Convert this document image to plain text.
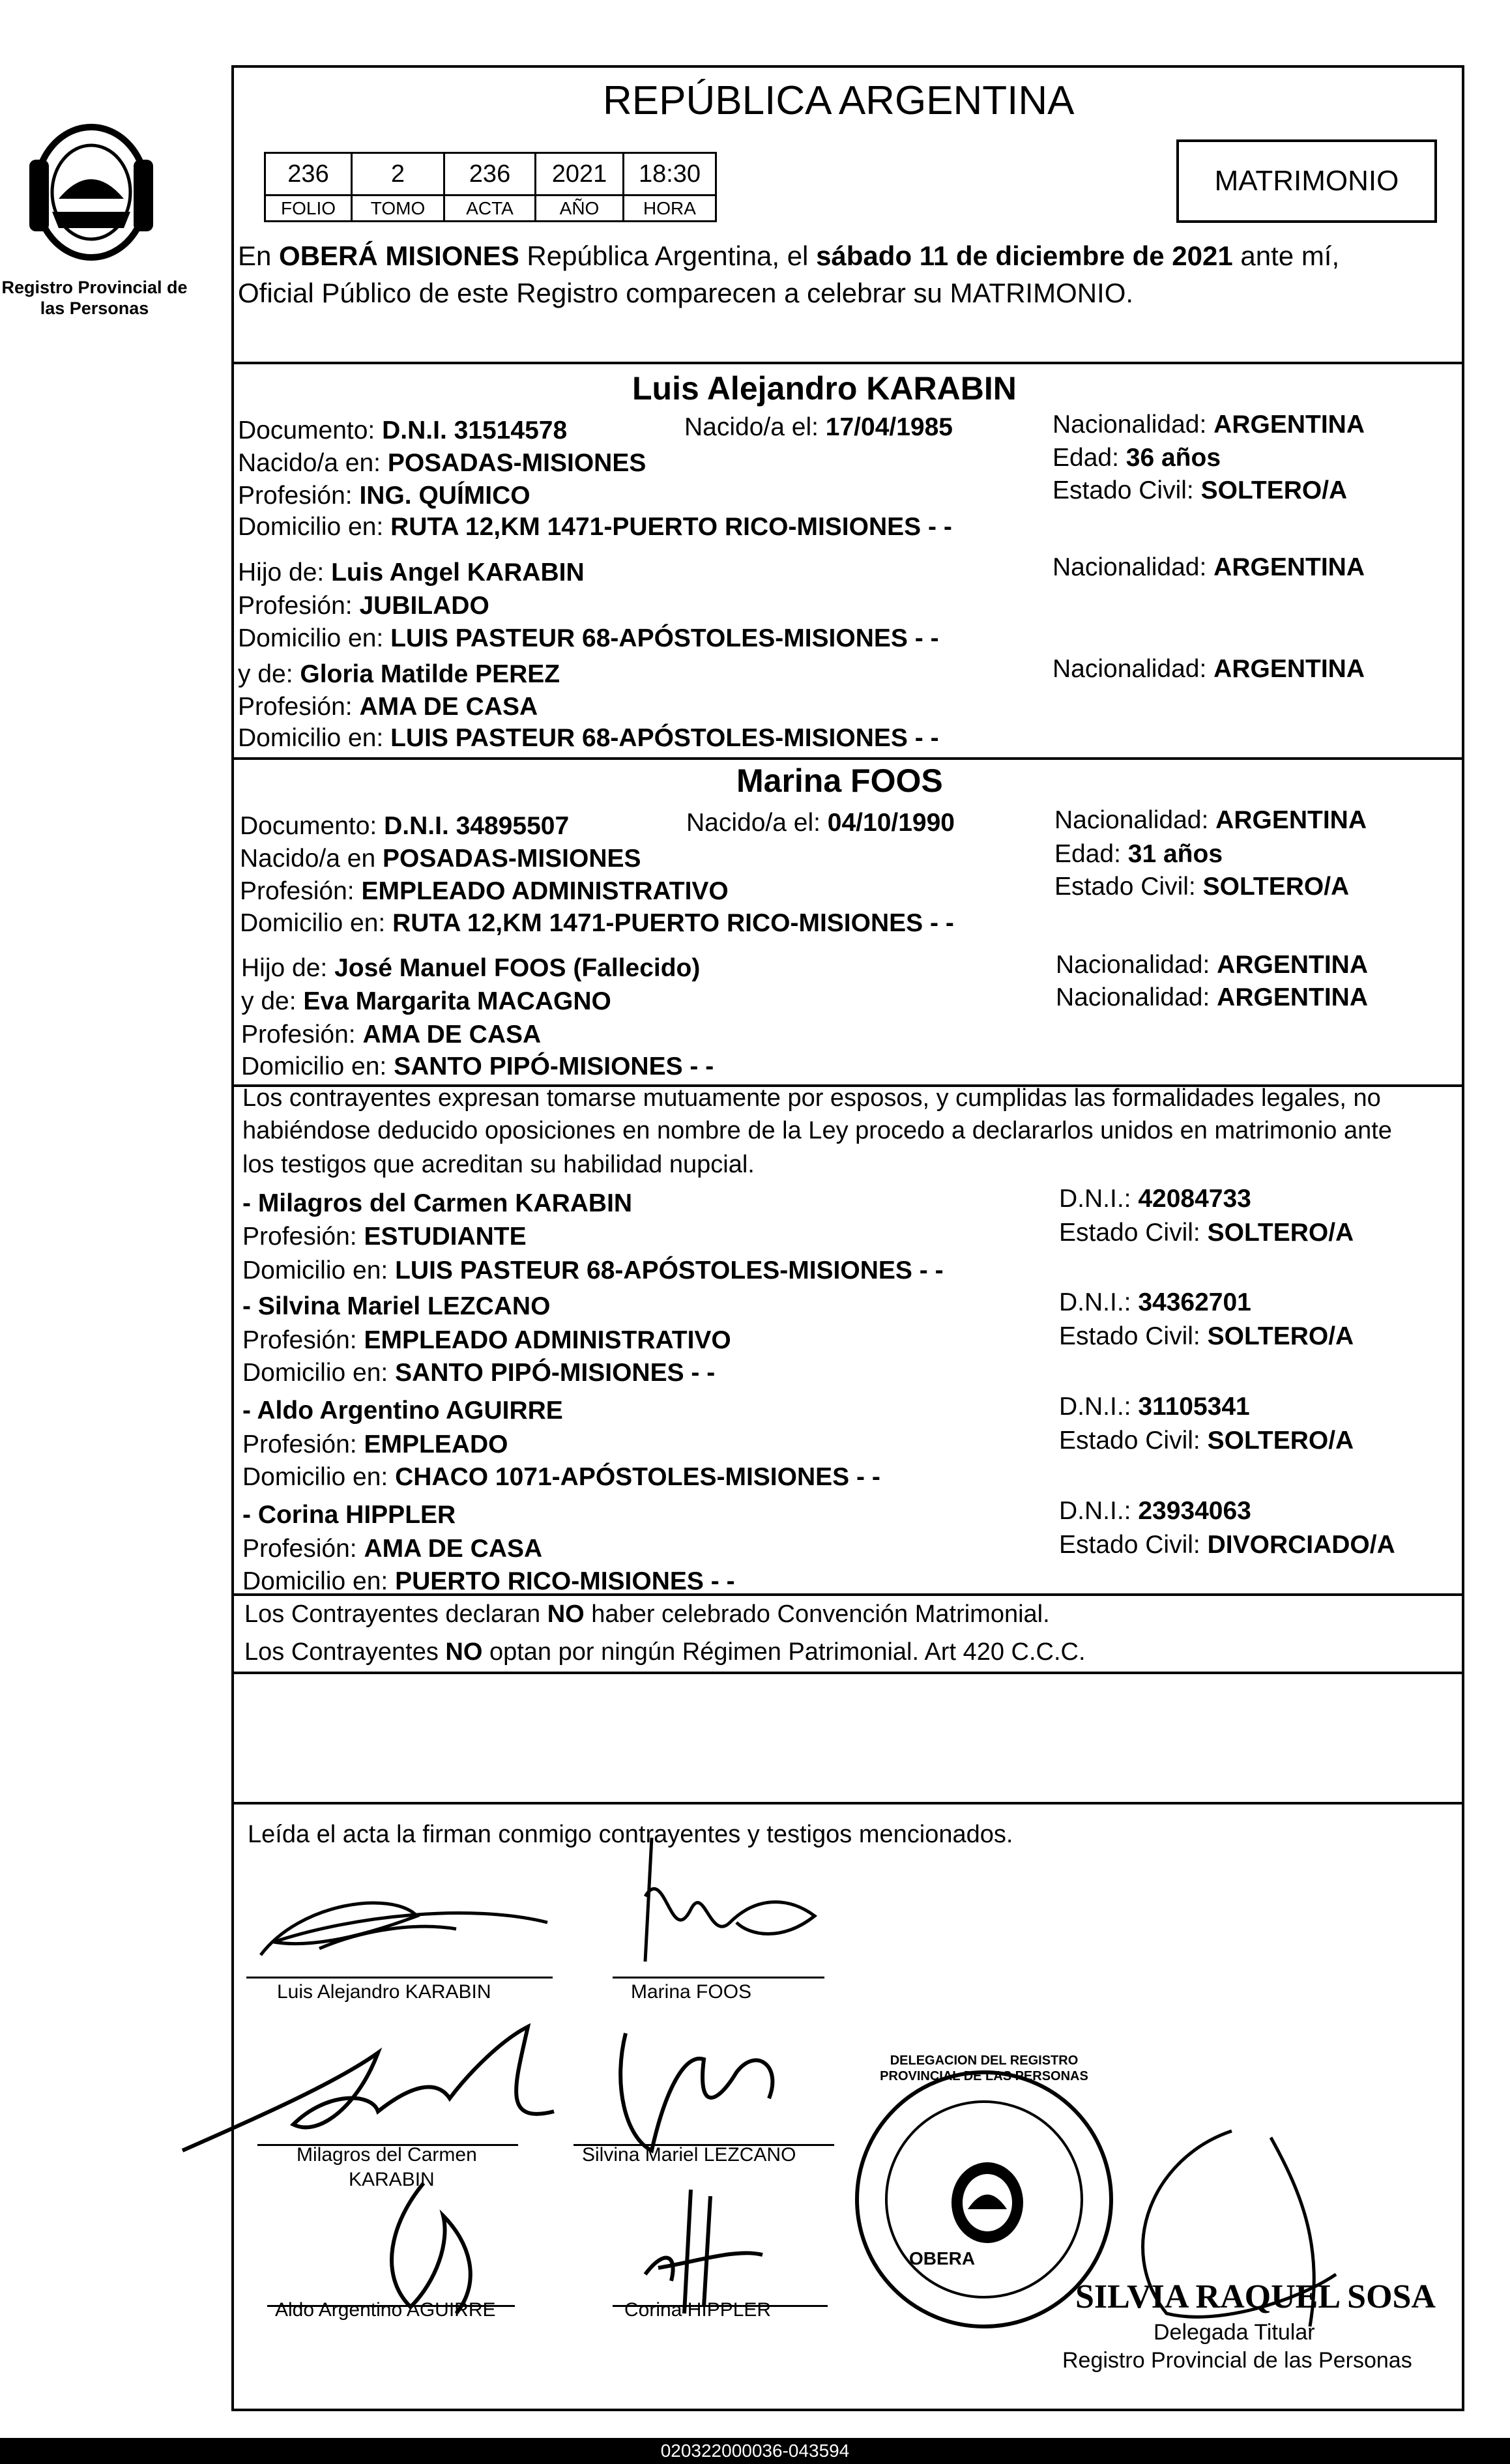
Registro Provincial de las Personas
REPÚBLICA ARGENTINA
MATRIMONIO
236	2	236	2021	18:30
FOLIO	TOMO	ACTA	AÑO	HORA
En OBERÁ MISIONES República Argentina, el sábado 11 de diciembre de 2021 ante mí,
Oficial Público de este Registro comparecen a celebrar su MATRIMONIO.
Luis Alejandro KARABIN
Documento: D.N.I. 31514578	Nacido/a el: 17/04/1985	Nacionalidad: ARGENTINA
Nacido/a en: POSADAS-MISIONES	Edad: 36 años
Profesión: ING. QUÍMICO	Estado Civil: SOLTERO/A
Domicilio en: RUTA 12,KM 1471-PUERTO RICO-MISIONES - -
Hijo de: Luis Angel KARABIN	Nacionalidad: ARGENTINA
Profesión: JUBILADO
Domicilio en: LUIS PASTEUR 68-APÓSTOLES-MISIONES - -
y de: Gloria Matilde PEREZ	Nacionalidad: ARGENTINA
Profesión: AMA DE CASA
Domicilio en: LUIS PASTEUR 68-APÓSTOLES-MISIONES - -
Marina FOOS
Documento: D.N.I. 34895507	Nacido/a el: 04/10/1990	Nacionalidad: ARGENTINA
Nacido/a en POSADAS-MISIONES	Edad: 31 años
Profesión: EMPLEADO ADMINISTRATIVO	Estado Civil: SOLTERO/A
Domicilio en: RUTA 12,KM 1471-PUERTO RICO-MISIONES - -
Hijo de: José Manuel FOOS (Fallecido)	Nacionalidad: ARGENTINA
y de: Eva Margarita MACAGNO	Nacionalidad: ARGENTINA
Profesión: AMA DE CASA
Domicilio en: SANTO PIPÓ-MISIONES - -
Los contrayentes expresan tomarse mutuamente por esposos, y cumplidas las formalidades legales, no
habiéndose deducido oposiciones en nombre de la Ley procedo a declararlos unidos en matrimonio ante
los testigos que acreditan su habilidad nupcial.
- Milagros del Carmen KARABIN	D.N.I.: 42084733
Profesión: ESTUDIANTE	Estado Civil: SOLTERO/A
Domicilio en: LUIS PASTEUR 68-APÓSTOLES-MISIONES - -
- Silvina Mariel LEZCANO	D.N.I.: 34362701
Profesión: EMPLEADO ADMINISTRATIVO	Estado Civil: SOLTERO/A
Domicilio en: SANTO PIPÓ-MISIONES - -
- Aldo Argentino AGUIRRE	D.N.I.: 31105341
Profesión: EMPLEADO	Estado Civil: SOLTERO/A
Domicilio en: CHACO 1071-APÓSTOLES-MISIONES - -
- Corina HIPPLER	D.N.I.: 23934063
Profesión: AMA DE CASA	Estado Civil: DIVORCIADO/A
Domicilio en: PUERTO RICO-MISIONES - -
Los Contrayentes declaran NO haber celebrado Convención Matrimonial.
Los Contrayentes NO optan por ningún Régimen Patrimonial. Art 420 C.C.C.
Leída el acta la firman conmigo contrayentes y testigos mencionados.
Luis Alejandro KARABIN	Marina FOOS
Milagros del Carmen
KARABIN
Silvina Mariel LEZCANO
Aldo Argentino AGUIRRE	Corina HIPPLER
OBERA
DELEGACION DEL REGISTRO PROVINCIAL DE LAS PERSONAS
SILVIA RAQUEL SOSA
Delegada Titular
Registro Provincial de las Personas
020322000036-043594
